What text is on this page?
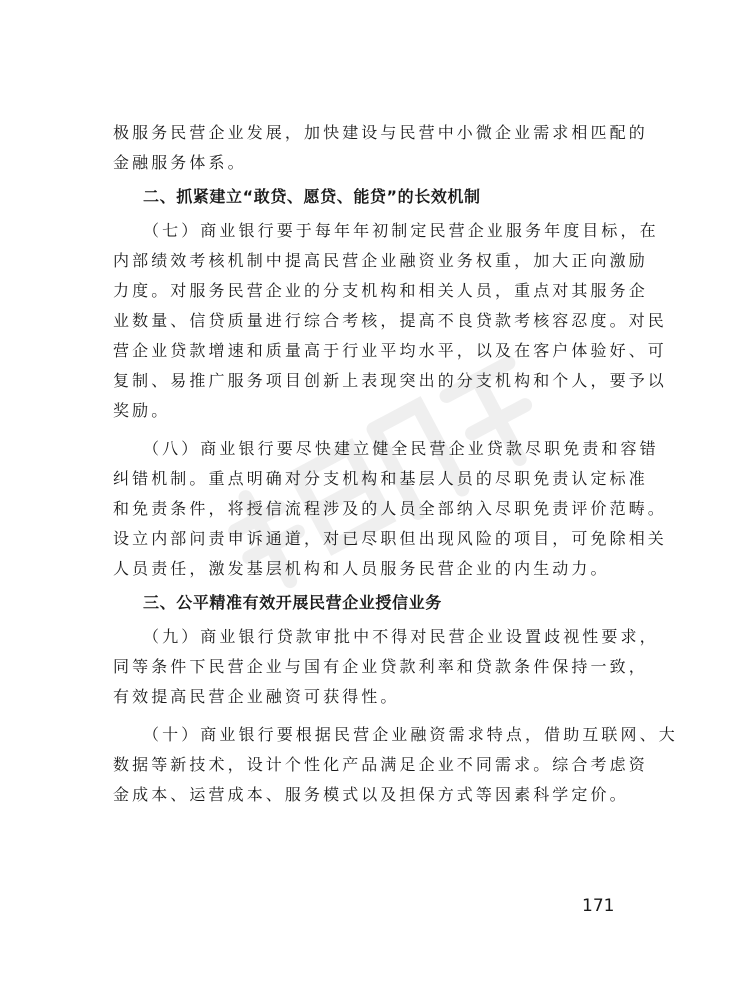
极服务民营企业发展，加快建设与民营中小微企业需求相匹配的
金融服务体系。
二、抓紧建立“敢贷、愿贷、能贷”的长效机制
（七）商业银行要于每年年初制定民营企业服务年度目标，在
内部绩效考核机制中提高民营企业融资业务权重，加大正向激励
力度。对服务民营企业的分支机构和相关人员，重点对其服务企
业数量、信贷质量进行综合考核，提高不良贷款考核容忍度。对民
营企业贷款增速和质量高于行业平均水平，以及在客户体验好、可
复制、易推广服务项目创新上表现突出的分支机构和个人，要予以
奖励。
（八）商业银行要尽快建立健全民营企业贷款尽职免责和容错
纠错机制。重点明确对分支机构和基层人员的尽职免责认定标准
和免责条件，将授信流程涉及的人员全部纳入尽职免责评价范畴。
设立内部问责申诉通道，对已尽职但出现风险的项目，可免除相关
人员责任，激发基层机构和人员服务民营企业的内生动力。
三、公平精准有效开展民营企业授信业务
（九）商业银行贷款审批中不得对民营企业设置歧视性要求，
同等条件下民营企业与国有企业贷款利率和贷款条件保持一致，
有效提高民营企业融资可获得性。
（十）商业银行要根据民营企业融资需求特点，借助互联网、大
数据等新技术，设计个性化产品满足企业不同需求。综合考虑资
金成本、运营成本、服务模式以及担保方式等因素科学定价。
171
